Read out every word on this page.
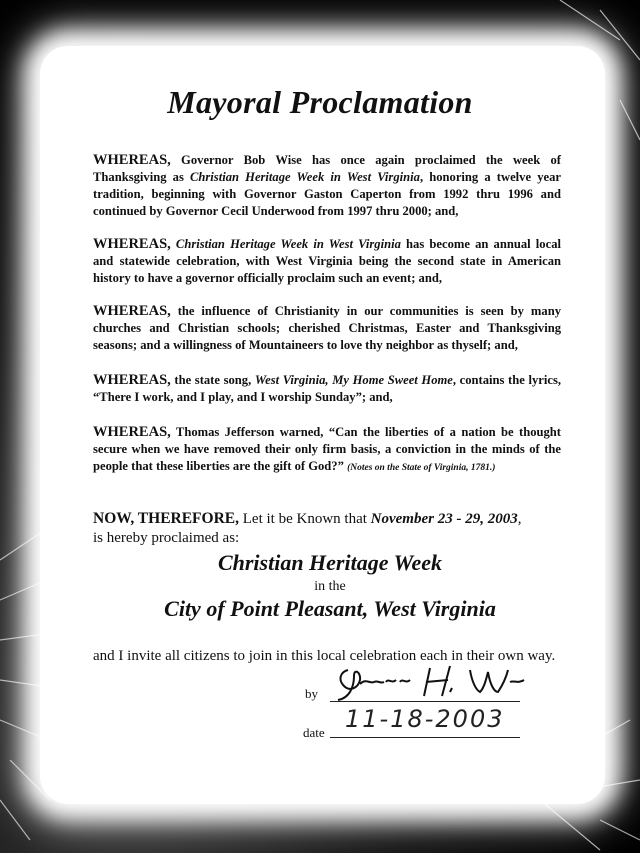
Mayoral Proclamation

WHEREAS, Governor Bob Wise has once again proclaimed the week of Thanksgiving as Christian Heritage Week in West Virginia, honoring a twelve year tradition, beginning with Governor Gaston Caperton from 1992 thru 1996 and continued by Governor Cecil Underwood from 1997 thru 2000; and,

WHEREAS, Christian Heritage Week in West Virginia has become an annual local and statewide celebration, with West Virginia being the second state in American history to have a governor officially proclaim such an event; and,

WHEREAS, the influence of Christianity in our communities is seen by many churches and Christian schools; cherished Christmas, Easter and Thanksgiving seasons; and a willingness of Mountaineers to love thy neighbor as thyself; and,

WHEREAS, the state song, West Virginia, My Home Sweet Home, contains the lyrics, “There I work, and I play, and I worship Sunday”; and,

WHEREAS, Thomas Jefferson warned, “Can the liberties of a nation be thought secure when we have removed their only firm basis, a conviction in the minds of the people that these liberties are the gift of God?” (Notes on the State of Virginia, 1781.)

NOW, THEREFORE, Let it be Known that November 23 - 29, 2003,
is hereby proclaimed as:

Christian Heritage Week
in the
City of Point Pleasant, West Virginia

and I invite all citizens to join in this local celebration each in their own way.

by
date 11-18-2003
